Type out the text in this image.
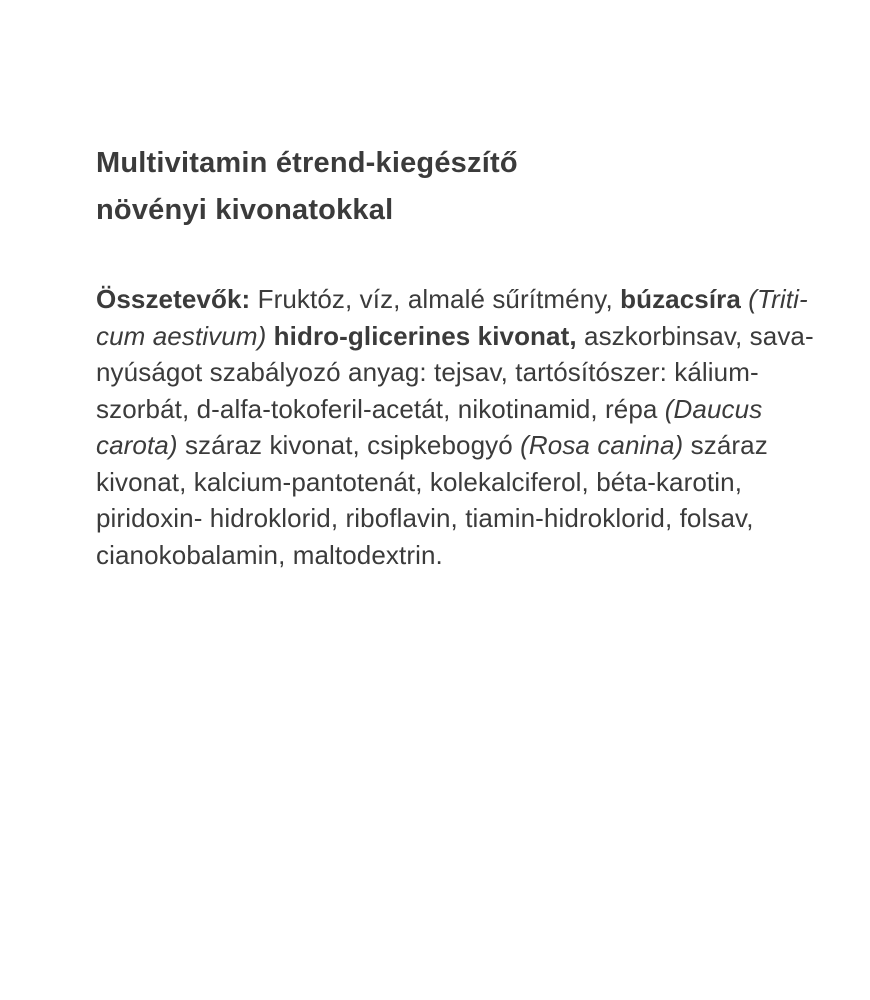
Multivitamin étrend-kiegészítő
növényi kivonatokkal
Összetevők: Fruktóz, víz, almalé sűrítmény, búzacsíra (Triti-
cum aestivum) hidro-glicerines kivonat, aszkorbinsav, sava-
nyúságot szabályozó anyag: tejsav, tartósítószer: kálium-
szorbát, d-alfa-tokoferil-acetát, nikotinamid, répa (Daucus
carota) száraz kivonat, csipkebogyó (Rosa canina) száraz
kivonat, kalcium-pantotenát, kolekalciferol, béta-karotin,
piridoxin- hidroklorid, riboflavin, tiamin-hidroklorid, folsav,
cianokobalamin, maltodextrin.
